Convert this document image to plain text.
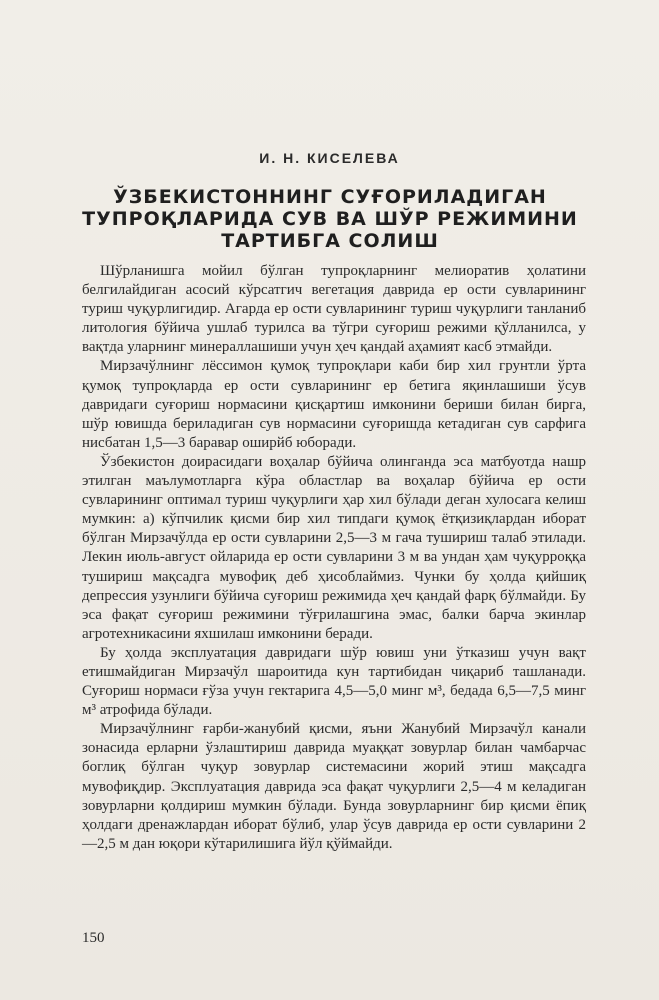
И. Н. КИСЕЛЕВА
ЎЗБЕКИСТОННИНГ СУҒОРИЛАДИГАН
ТУПРОҚЛАРИДА СУВ ВА ШЎР РЕЖИМИНИ
ТАРТИБГА СОЛИШ

Шўрланишга мойил бўлган тупроқларнинг мелиоратив ҳолатини белгилайдиган асосий кўрсатгич вегетация даврида ер ости сувларининг туриш чуқурлигидир. Агарда ер ости сувларининг туриш чуқурлиги танланиб литология бўйича ушлаб турилса ва тўгри суғориш режими қўлланилса, у вақтда уларнинг минераллашиши учун ҳеч қандай аҳамият касб этмайди.

Мирзачўлнинг лёссимон қумоқ тупроқлари каби бир хил грунтли ўрта қумоқ тупроқларда ер ости сувларининг ер бетига яқинлашиши ўсув давридаги суғориш нормасини қисқартиш имконини бериши билан бирга, шўр ювишда бериладиган сув нормасини суғоришда кетадиган сув сарфига нисбатан 1,5—3 баравар оширйб юборади.

Ўзбекистон доирасидаги воҳалар бўйича олинганда эса матбуотда нашр этилган маълумотларга кўра областлар ва воҳалар бўйича ер ости сувларининг оптимал туриш чуқурлиги ҳар хил бўлади деган хулосага келиш мумкин: а) кўпчилик қисми бир хил типдаги қумоқ ётқизиқлардан иборат бўлган Мирзачўлда ер ости сувларини 2,5—3 м гача тушириш талаб этилади. Лекин июль-август ойларида ер ости сувларини 3 м ва ундан ҳам чуқурроққа тушириш мақсадга мувофиқ деб ҳисоблаймиз. Чунки бу ҳолда қийшиқ депрессия узунлиги бўйича суғориш режимида ҳеч қандай фарқ бўлмайди. Бу эса фақат суғориш режимини тўғрилашгина эмас, балки барча экинлар агротехникасини яхшилаш имконини беради.

Бу ҳолда эксплуатация давридаги шўр ювиш уни ўтказиш учун вақт етишмайдиган Мирзачўл шароитида кун тартибидан чиқариб ташланади. Суғориш нормаси ғўза учун гектарига 4,5—5,0 минг м³, бедада 6,5—7,5 минг м³ атрофида бўлади.

Мирзачўлнинг ғарби-жанубий қисми, яъни Жанубий Мирзачўл канали зонасида ерларни ўзлаштириш даврида муаққат зовурлар билан чамбарчас боглиқ бўлган чуқур зовурлар системасини жорий этиш мақсадга мувофиқдир. Эксплуатация даврида эса фақат чуқурлиги 2,5—4 м келадиган зовурларни қолдириш мумкин бўлади. Бунда зовурларнинг бир қисми ёпиқ ҳолдаги дренажлардан иборат бўлиб, улар ўсув даврида ер ости сувларини 2—2,5 м дан юқори кўтарилишига йўл қўймайди.

150
